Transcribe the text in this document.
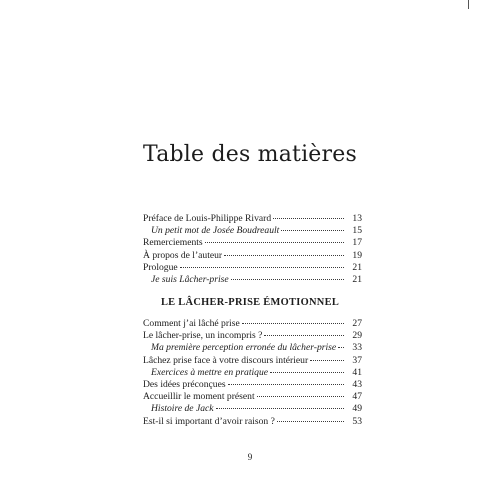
Table des matières
Préface de Louis-Philippe Rivard	13
Un petit mot de Josée Boudreault	15
Remerciements	17
À propos de l’auteur	19
Prologue	21
Je suis Lâcher-prise	21
LE LÂCHER-PRISE ÉMOTIONNEL
Comment j’ai lâché prise	27
Le lâcher-prise, un incompris ?	29
Ma première perception erronée du lâcher-prise	33
Lâchez prise face à votre discours intérieur	37
Exercices à mettre en pratique	41
Des idées préconçues	43
Accueillir le moment présent	47
Histoire de Jack	49
Est-il si important d’avoir raison ?	53
9
